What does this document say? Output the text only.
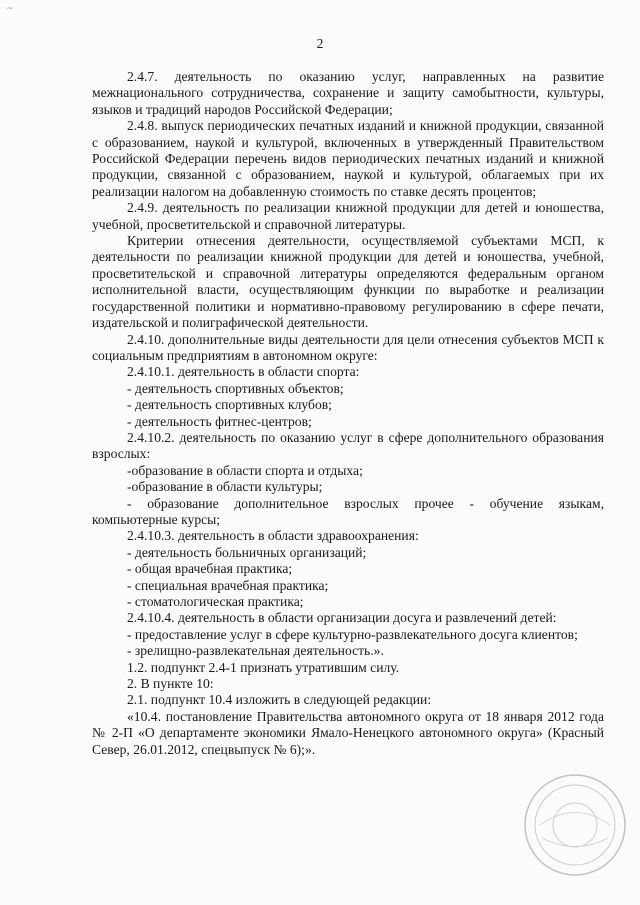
~
2

2.4.7. деятельность по оказанию услуг, направленных на развитие межнационального сотрудничества, сохранение и защиту самобытности, культуры, языков и традиций народов Российской Федерации;

2.4.8. выпуск периодических печатных изданий и книжной продукции, связанной с образованием, наукой и культурой, включенных в утвержденный Правительством Российской Федерации перечень видов периодических печатных изданий и книжной продукции, связанной с образованием, наукой и культурой, облагаемых при их реализации налогом на добавленную стоимость по ставке десять процентов;

2.4.9. деятельность по реализации книжной продукции для детей и юношества, учебной, просветительской и справочной литературы.

Критерии отнесения деятельности, осуществляемой субъектами МСП, к деятельности по реализации книжной продукции для детей и юношества, учебной, просветительской и справочной литературы определяются федеральным органом исполнительной власти, осуществляющим функции по выработке и реализации государственной политики и нормативно-правовому регулированию в сфере печати, издательской и полиграфической деятельности.

2.4.10. дополнительные виды деятельности для цели отнесения субъектов МСП к социальным предприятиям в автономном округе:

2.4.10.1. деятельность в области спорта:

- деятельность спортивных объектов;

- деятельность спортивных клубов;

- деятельность фитнес-центров;

2.4.10.2. деятельность по оказанию услуг в сфере дополнительного образования взрослых:

-образование в области спорта и отдыха;

-образование в области культуры;

- образование дополнительное взрослых прочее - обучение языкам, компьютерные курсы;

2.4.10.3. деятельность в области здравоохранения:

- деятельность больничных организаций;

- общая врачебная практика;

- специальная врачебная практика;

- стоматологическая практика;

2.4.10.4. деятельность в области организации досуга и развлечений детей:

- предоставление услуг в сфере культурно-развлекательного досуга клиентов;

- зрелищно-развлекательная деятельность.».

1.2. подпункт 2.4-1 признать утратившим силу.

2. В пункте 10:

2.1. подпункт 10.4 изложить в следующей редакции:

«10.4. постановление Правительства автономного округа от 18 января 2012 года № 2-П «О департаменте экономики Ямало-Ненецкого автономного округа» (Красный Север, 26.01.2012, спецвыпуск № 6);».
